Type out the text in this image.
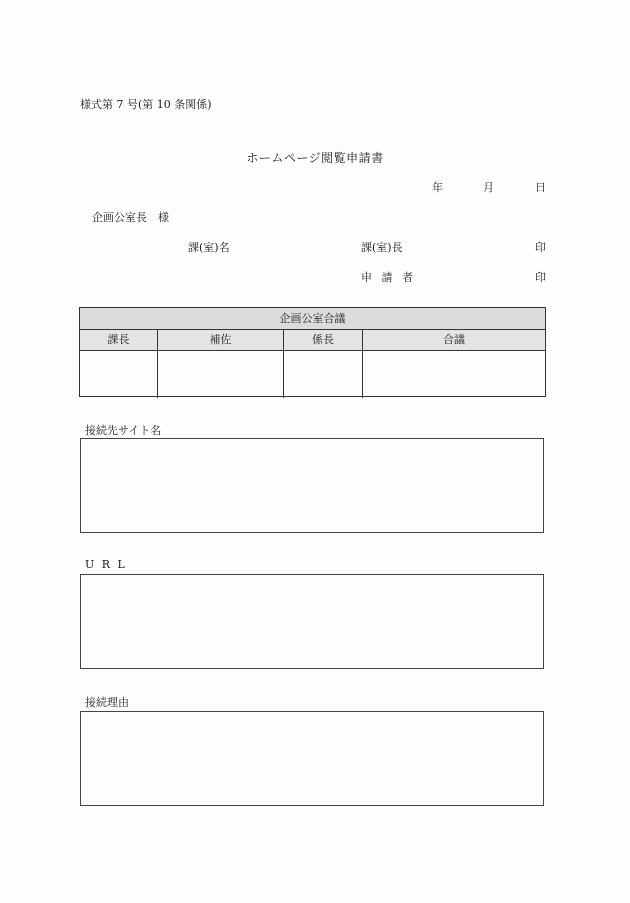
様式第 7 号(第 10 条関係)
ホームページ閲覧申請書
年	月	日
企画公室長　様
課(室)名	課(室)長	印
申 請 者	印
企画公室合議
課長	補佐	係長	合議
接続先サイト名
U R L
接続理由
